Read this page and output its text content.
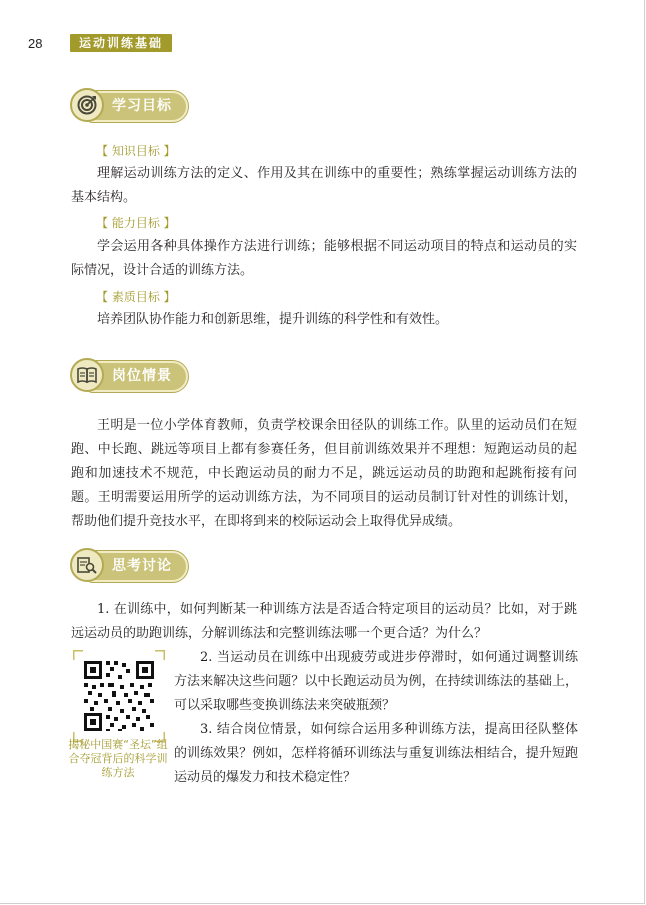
28	运动训练基础
学习目标
【 知识目标 】

理解运动训练方法的定义、作用及其在训练中的重要性；熟练掌握运动训练方法的基本结构。

【 能力目标 】

学会运用各种具体操作方法进行训练；能够根据不同运动项目的特点和运动员的实际情况，设计合适的训练方法。

【 素质目标 】

培养团队协作能力和创新思维，提升训练的科学性和有效性。

岗位情景

王明是一位小学体育教师，负责学校课余田径队的训练工作。队里的运动员们在短跑、中长跑、跳远等项目上都有参赛任务，但目前训练效果并不理想：短跑运动员的起跑和加速技术不规范，中长跑运动员的耐力不足，跳远运动员的助跑和起跳衔接有问题。王明需要运用所学的运动训练方法，为不同项目的运动员制订针对性的训练计划，帮助他们提升竞技水平，在即将到来的校际运动会上取得优异成绩。

思考讨论

1. 在训练中，如何判断某一种训练方法是否适合特定项目的运动员？比如，对于跳远运动员的助跑训练，分解训练法和完整训练法哪一个更合适？为什么？

揭秘中国赛“圣坛”组合夺冠背后的科学训练方法

2. 当运动员在训练中出现疲劳或进步停滞时，如何通过调整训练方法来解决这些问题？以中长跑运动员为例，在持续训练法的基础上，可以采取哪些变换训练法来突破瓶颈？

3. 结合岗位情景，如何综合运用多种训练方法，提高田径队整体的训练效果？例如，怎样将循环训练法与重复训练法相结合，提升短跑运动员的爆发力和技术稳定性？
